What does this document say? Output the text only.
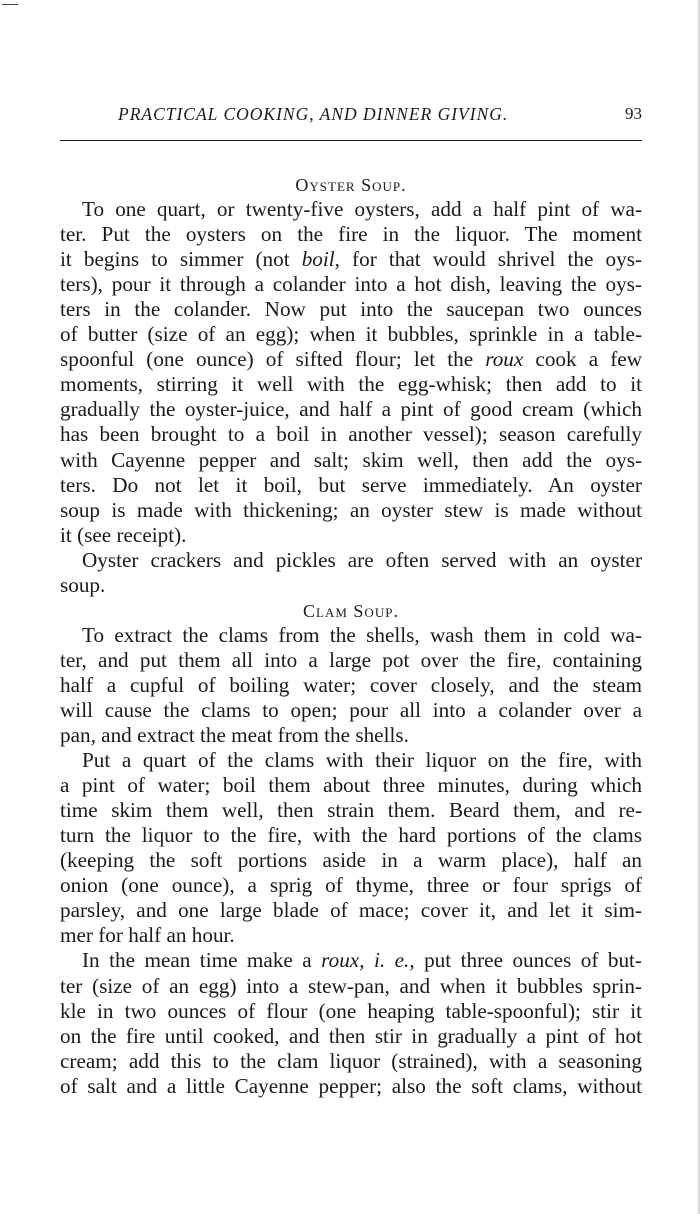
PRACTICAL COOKING, AND DINNER GIVING.	93
Oyster Soup.
To one quart, or twenty-five oysters, add a half pint of wa-
ter. Put the oysters on the fire in the liquor. The moment
it begins to simmer (not boil, for that would shrivel the oys-
ters), pour it through a colander into a hot dish, leaving the oys-
ters in the colander. Now put into the saucepan two ounces
of butter (size of an egg); when it bubbles, sprinkle in a table-
spoonful (one ounce) of sifted flour; let the roux cook a few
moments, stirring it well with the egg-whisk; then add to it
gradually the oyster-juice, and half a pint of good cream (which
has been brought to a boil in another vessel); season carefully
with Cayenne pepper and salt; skim well, then add the oys-
ters. Do not let it boil, but serve immediately. An oyster
soup is made with thickening; an oyster stew is made without
it (see receipt).
Oyster crackers and pickles are often served with an oyster
soup.
Clam Soup.
To extract the clams from the shells, wash them in cold wa-
ter, and put them all into a large pot over the fire, containing
half a cupful of boiling water; cover closely, and the steam
will cause the clams to open; pour all into a colander over a
pan, and extract the meat from the shells.
Put a quart of the clams with their liquor on the fire, with
a pint of water; boil them about three minutes, during which
time skim them well, then strain them. Beard them, and re-
turn the liquor to the fire, with the hard portions of the clams
(keeping the soft portions aside in a warm place), half an
onion (one ounce), a sprig of thyme, three or four sprigs of
parsley, and one large blade of mace; cover it, and let it sim-
mer for half an hour.
In the mean time make a roux, i. e., put three ounces of but-
ter (size of an egg) into a stew-pan, and when it bubbles sprin-
kle in two ounces of flour (one heaping table-spoonful); stir it
on the fire until cooked, and then stir in gradually a pint of hot
cream; add this to the clam liquor (strained), with a seasoning
of salt and a little Cayenne pepper; also the soft clams, without
